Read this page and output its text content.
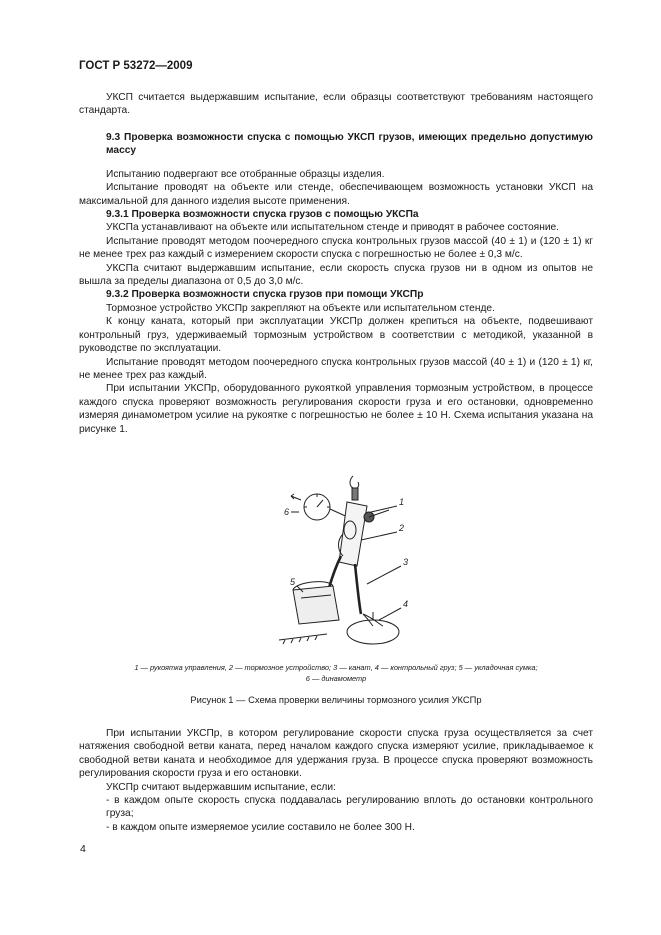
ГОСТ Р 53272—2009

УКСП считается выдержавшим испытание, если образцы соответствуют требованиям настоящего стандарта.

9.3 Проверка возможности спуска с помощью УКСП грузов, имеющих предельно допустимую массу

Испытанию подвергают все отобранные образцы изделия.

Испытание проводят на объекте или стенде, обеспечивающем возможность установки УКСП на максимальной для данного изделия высоте применения.

9.3.1 Проверка возможности спуска грузов с помощью УКСПа

УКСПа устанавливают на объекте или испытательном стенде и приводят в рабочее состояние.

Испытание проводят методом поочередного спуска контрольных грузов массой (40 ± 1) и (120 ± 1) кг не менее трех раз каждый с измерением скорости спуска с погрешностью не более ± 0,3 м/с.

УКСПа считают выдержавшим испытание, если скорость спуска грузов ни в одном из опытов не вышла за пределы диапазона от 0,5 до 3,0 м/с.

9.3.2 Проверка возможности спуска грузов при помощи УКСПр

Тормозное устройство УКСПр закрепляют на объекте или испытательном стенде.

К концу каната, который при эксплуатации УКСПр должен крепиться на объекте, подвешивают контрольный груз, удерживаемый тормозным устройством в соответствии с методикой, указанной в руководстве по эксплуатации.

Испытание проводят методом поочередного спуска контрольных грузов массой (40 ± 1) и (120 ± 1) кг, не менее трех раз каждый.

При испытании УКСПр, оборудованного рукояткой управления тормозным устройством, в процессе каждого спуска проверяют возможность регулирования скорости груза и его остановки, одновременно измеряя динамометром усилие на рукоятке с погрешностью не более ± 10 Н. Схема испытания указана на рисунке 1.

1
2
3
4
5
6
1 — рукоятка управления, 2 — тормозное устройство; 3 — канат, 4 — контрольный груз; 5 — укладочная сумка;
6 — динамометр
Рисунок 1 — Схема проверки величины тормозного усилия УКСПр

При испытании УКСПр, в котором регулирование скорости спуска груза осуществляется за счет натяжения свободной ветви каната, перед началом каждого спуска измеряют усилие, прикладываемое к свободной ветви каната и необходимое для удержания груза. В процессе спуска проверяют возможность регулирования скорости груза и его остановки.

УКСПр считают выдержавшим испытание, если:

- в каждом опыте скорость спуска поддавалась регулированию вплоть до остановки контрольного груза;

- в каждом опыте измеряемое усилие составило не более 300 Н.

4
